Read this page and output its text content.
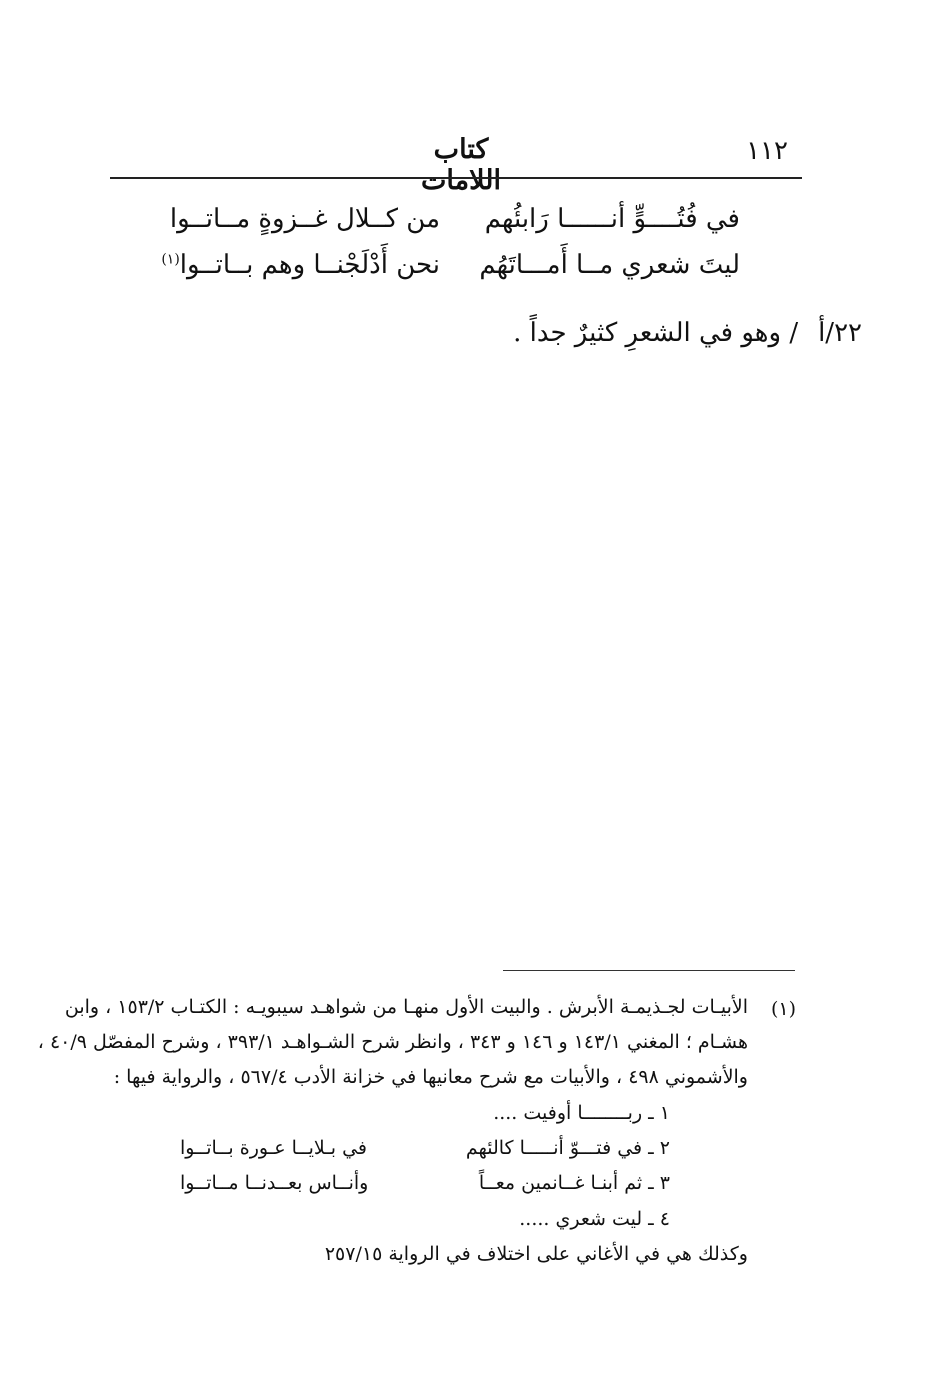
١١٢
كتاب اللامات
في فُتُــــوٍّ أنــــــا رَابئُهم
من كــلال غــزوةٍ مــاتــوا
ليتَ شعري مــا أَمـــاتَهُم
نحن أَدْلَجْنــا وهم بــاتــوا$^{(١)}$
٢٢/أ/ وهو في الشعرِ كثيرٌ جداً .
(١)
الأبيـات لجـذيمـة الأبرش . والبيت الأول منهـا من شواهـد سيبويـه : الكتـاب ١٥٣/٢ ، وابن
هشـام ؛ المغني ١٤٣/١ و ١٤٦ و ٣٤٣ ، وانظر شرح الشـواهـد ٣٩٣/١ ، وشرح المفصّل ٤٠/٩ ،
والأشموني ٤٩٨ ، والأبيات مع شرح معانيها في خزانة الأدب ٥٦٧/٤ ، والرواية فيها :
١ ـ ربــــــــا أوفيت ....
٢ ـ في فتـــوّ أنـــــا كالئهم
في بـلايــا عـورة بــاتــوا
٣ ـ ثم أبنـا غــانمين معــاً
وأنــاس بعــدنــا مــاتــوا
٤ ـ ليت شعري .....
وكذلك هي في الأغاني على اختلاف في الرواية ٢٥٧/١٥
